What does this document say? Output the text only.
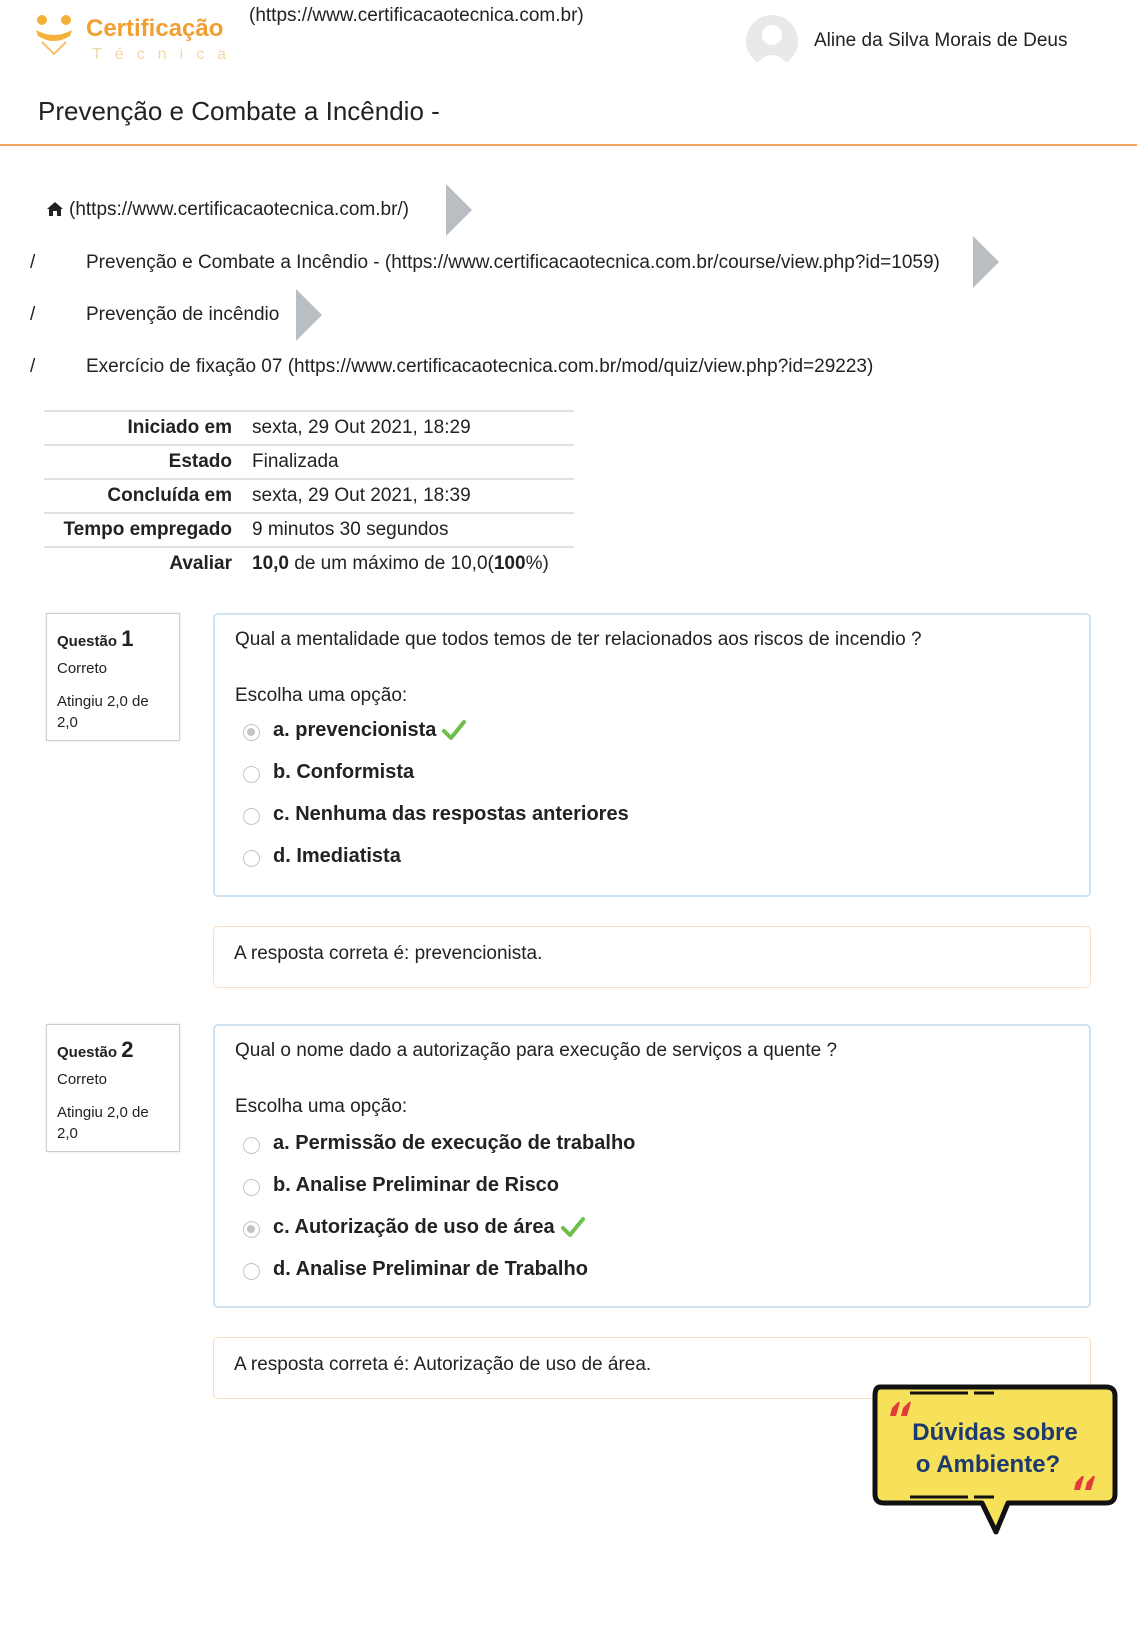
Certificação
Técnica
(https://www.certificacaotecnica.com.br)
Aline da Silva Morais de Deus
Prevenção e Combate a Incêndio -
(https://www.certificacaotecnica.com.br/)
/	Prevenção e Combate a Incêndio - (https://www.certificacaotecnica.com.br/course/view.php?id=1059)
/	Prevenção de incêndio
/	Exercício de fixação 07 (https://www.certificacaotecnica.com.br/mod/quiz/view.php?id=29223)
Iniciado em	sexta, 29 Out 2021, 18:29
Estado	Finalizada
Concluída em	sexta, 29 Out 2021, 18:39
Tempo empregado	9 minutos 30 segundos
Avaliar	10,0 de um máximo de 10,0(100%)
Questão 1
Correto
Atingiu 2,0 de 2,0
Qual a mentalidade que todos temos de ter relacionados aos riscos de incendio ?
Escolha uma opção:
a. prevencionista
b. Conformista
c. Nenhuma das respostas anteriores
d. Imediatista
A resposta correta é: prevencionista.
Questão 2
Correto
Atingiu 2,0 de 2,0
Qual o nome dado a autorização para execução de serviços a quente ?
Escolha uma opção:
a. Permissão de execução de trabalho
b. Analise Preliminar de Risco
c. Autorização de uso de área
d. Analise Preliminar de Trabalho
A resposta correta é: Autorização de uso de área.
Dúvidas sobre
o Ambiente?
